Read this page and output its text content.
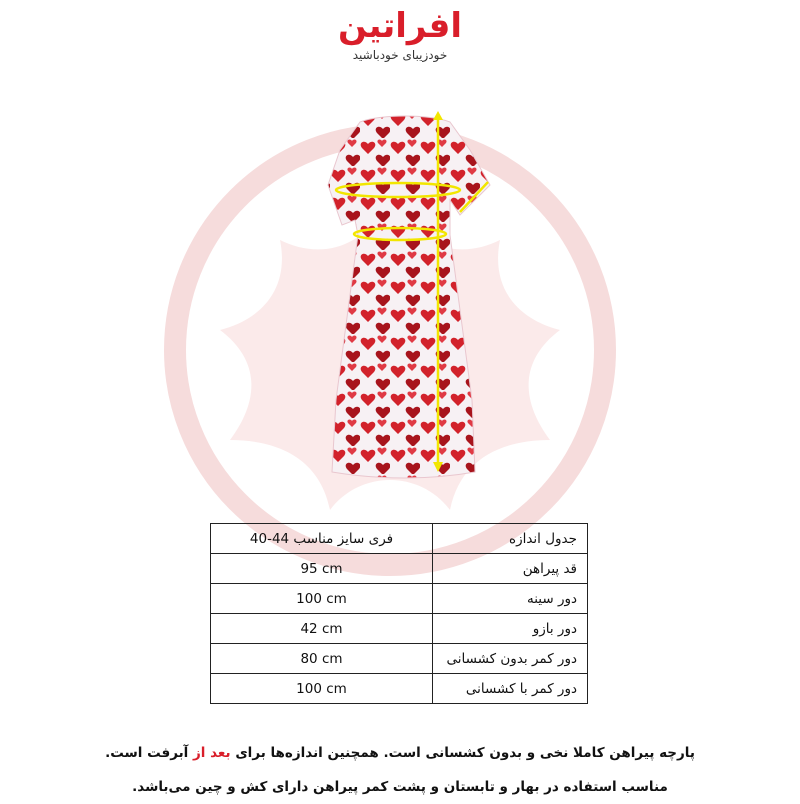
افراتین
خودزیبای خودباشید
جدول اندازه	فری سایز مناسب 44-40
قد پیراهن	95 cm
دور سینه	100 cm
دور بازو	42 cm
دور کمر بدون کشسانی	80 cm
دور کمر با کشسانی	100 cm
پارچه پیراهن کاملا نخی و بدون کشسانی است. همچنین اندازه‌ها برای بعد از آبرفت است.
مناسب استفاده در بهار و تابستان و پشت کمر پیراهن دارای کش و چین می‌باشد.
